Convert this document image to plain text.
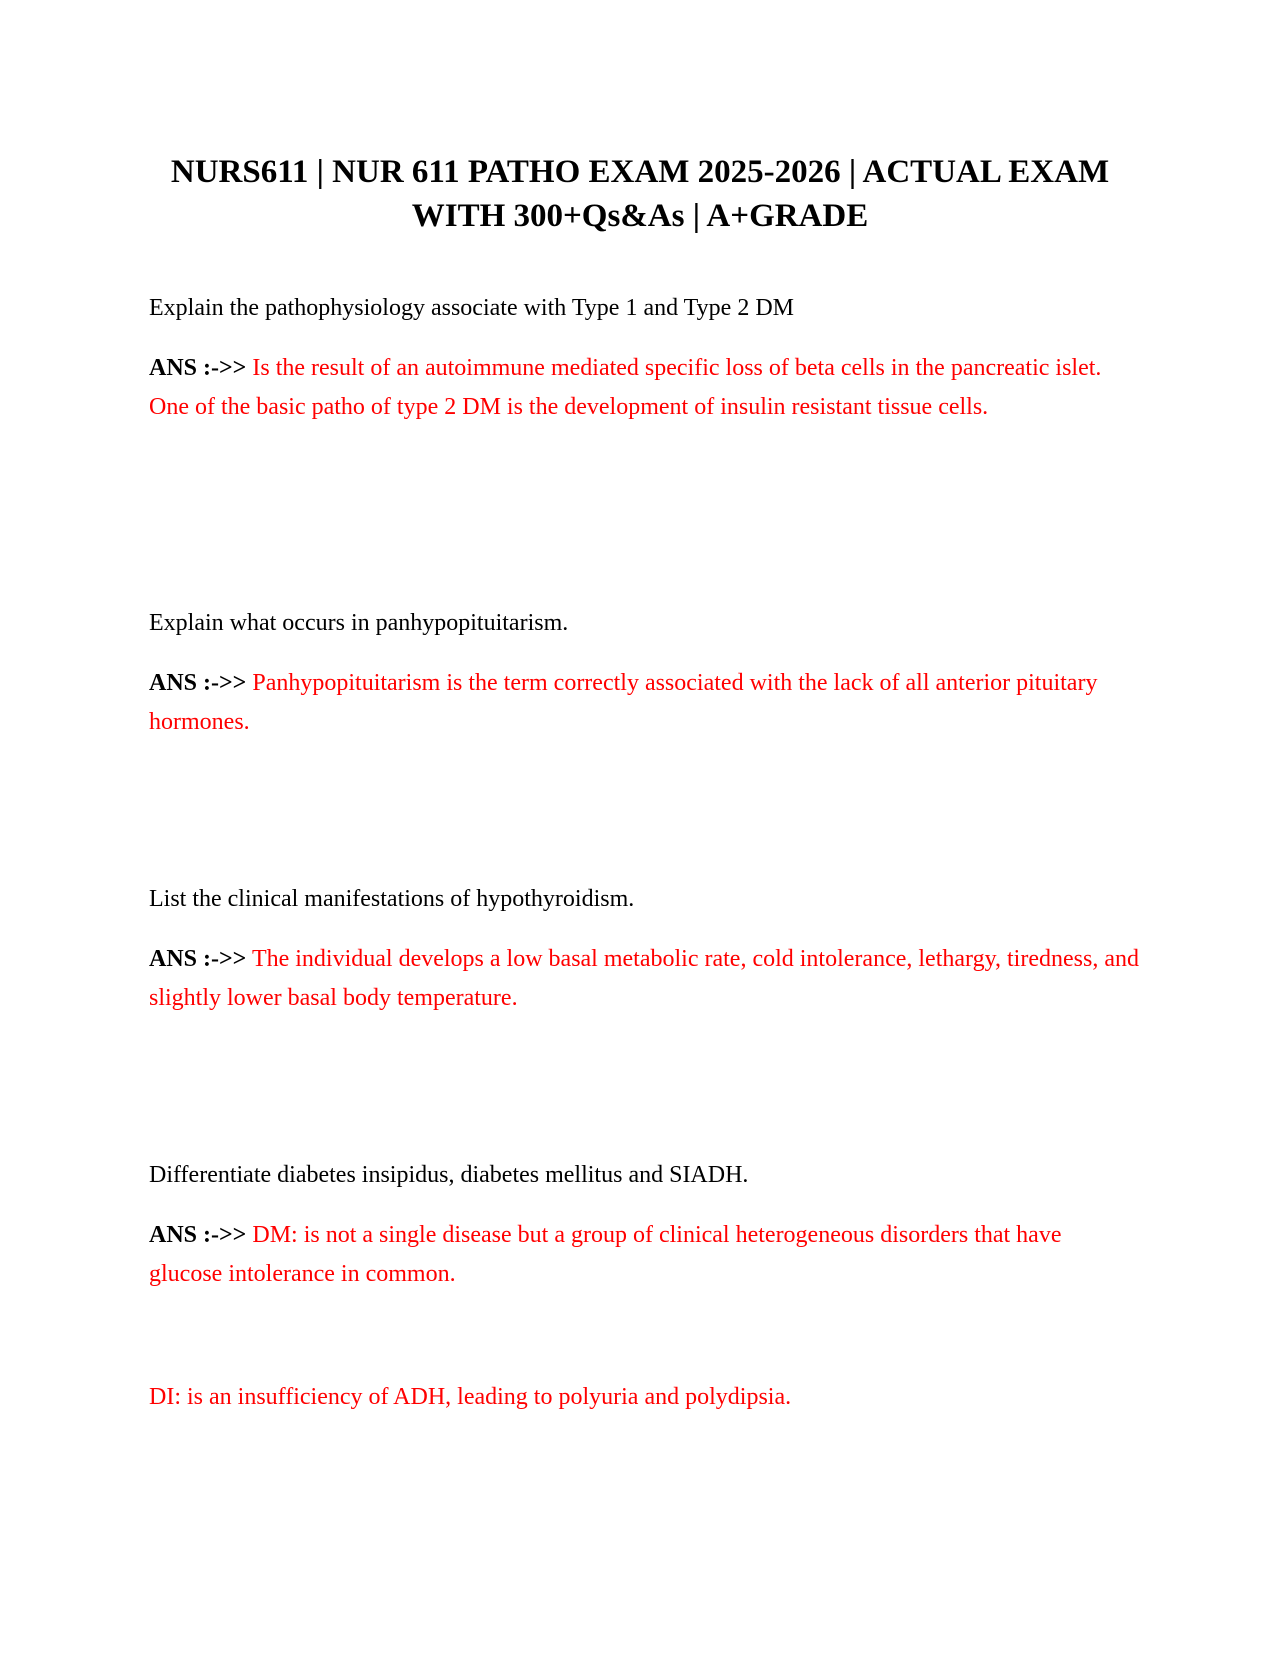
NURS611 | NUR 611 PATHO EXAM 2025-2026 | ACTUAL EXAM
WITH 300+Qs&As | A+GRADE

Explain the pathophysiology associate with Type 1 and Type 2 DM

ANS :->> Is the result of an autoimmune mediated specific loss of beta cells in the pancreatic islet. One of the basic patho of type 2 DM is the development of insulin resistant tissue cells.

Explain what occurs in panhypopituitarism.

ANS :->> Panhypopituitarism is the term correctly associated with the lack of all anterior pituitary hormones.

List the clinical manifestations of hypothyroidism.

ANS :->> The individual develops a low basal metabolic rate, cold intolerance, lethargy, tiredness, and slightly lower basal body temperature.

Differentiate diabetes insipidus, diabetes mellitus and SIADH.

ANS :->> DM: is not a single disease but a group of clinical heterogeneous disorders that have glucose intolerance in common.

DI: is an insufficiency of ADH, leading to polyuria and polydipsia.
